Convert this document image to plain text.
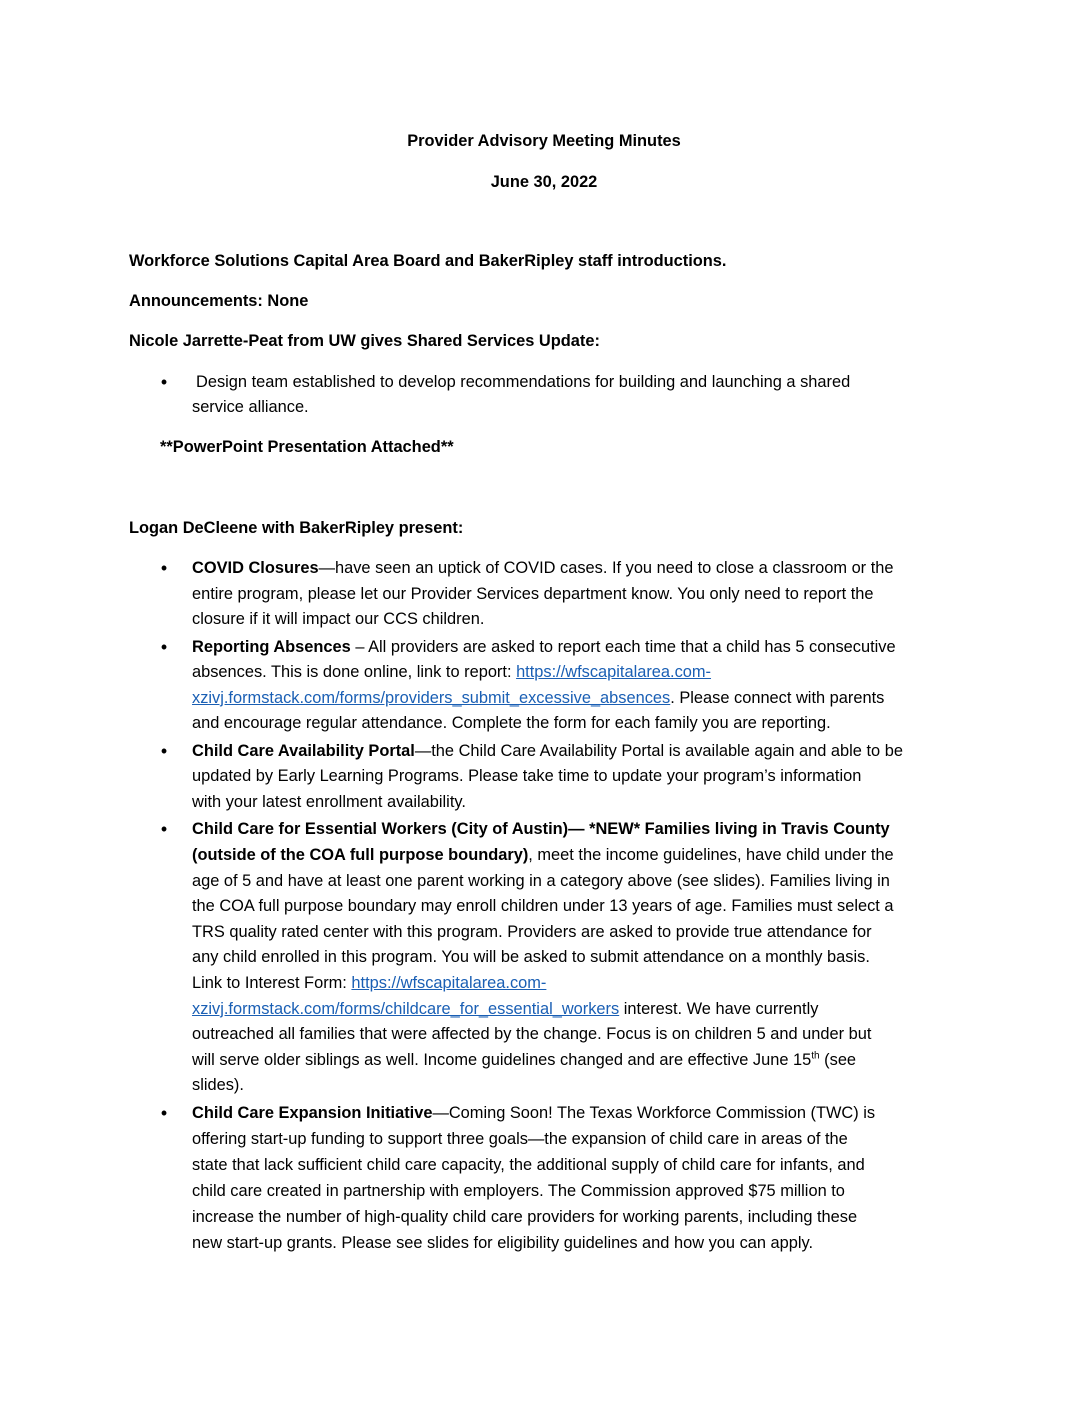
Provider Advisory Meeting Minutes
June 30, 2022
Workforce Solutions Capital Area Board and BakerRipley staff introductions.
Announcements: None
Nicole Jarrette-Peat from UW gives Shared Services Update:
• Design team established to develop recommendations for building and launching a shared
service alliance.
**PowerPoint Presentation Attached**
Logan DeCleene with BakerRipley present:
• COVID Closures—have seen an uptick of COVID cases. If you need to close a classroom or the
entire program, please let our Provider Services department know. You only need to report the
closure if it will impact our CCS children.
• Reporting Absences – All providers are asked to report each time that a child has 5 consecutive
absences. This is done online, link to report: https://wfscapitalarea.com-
xzivj.formstack.com/forms/providers_submit_excessive_absences. Please connect with parents
and encourage regular attendance. Complete the form for each family you are reporting.
• Child Care Availability Portal—the Child Care Availability Portal is available again and able to be
updated by Early Learning Programs. Please take time to update your program’s information
with your latest enrollment availability.
• Child Care for Essential Workers (City of Austin)— *NEW* Families living in Travis County
(outside of the COA full purpose boundary), meet the income guidelines, have child under the
age of 5 and have at least one parent working in a category above (see slides). Families living in
the COA full purpose boundary may enroll children under 13 years of age. Families must select a
TRS quality rated center with this program. Providers are asked to provide true attendance for
any child enrolled in this program. You will be asked to submit attendance on a monthly basis.
Link to Interest Form: https://wfscapitalarea.com-
xzivj.formstack.com/forms/childcare_for_essential_workers interest. We have currently
outreached all families that were affected by the change. Focus is on children 5 and under but
will serve older siblings as well. Income guidelines changed and are effective June 15th (see
slides).
• Child Care Expansion Initiative—Coming Soon! The Texas Workforce Commission (TWC) is
offering start-up funding to support three goals—the expansion of child care in areas of the
state that lack sufficient child care capacity, the additional supply of child care for infants, and
child care created in partnership with employers. The Commission approved $75 million to
increase the number of high-quality child care providers for working parents, including these
new start-up grants. Please see slides for eligibility guidelines and how you can apply.
